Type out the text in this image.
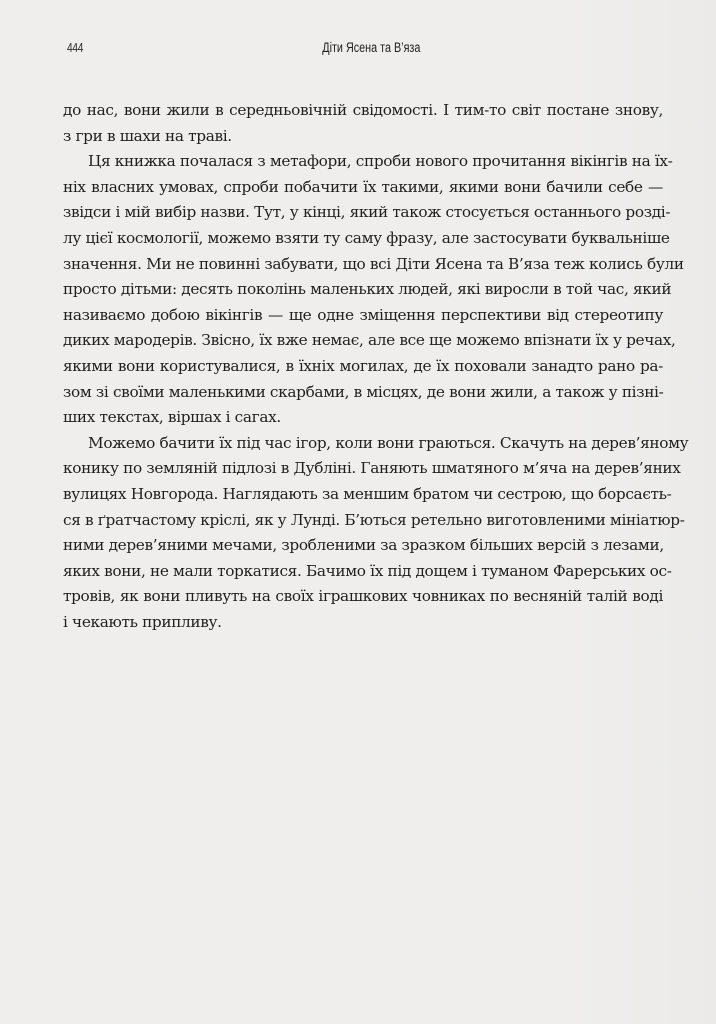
444	Діти Ясена та В’яза
до нас, вони жили в середньовічній свідомості. І тим-то світ постане знову,
з гри в шахи на траві.
Ця книжка почалася з метафори, спроби нового прочитання вікінгів на їх-
ніх власних умовах, спроби побачити їх такими, якими вони бачили себе —
звідси і мій вибір назви. Тут, у кінці, який також стосується останнього розді-
лу цієї космології, можемо взяти ту саму фразу, але застосувати буквальніше
значення. Ми не повинні забувати, що всі Діти Ясена та В’яза теж колись були
просто дітьми: десять поколінь маленьких людей, які виросли в той час, який
називаємо добою вікінгів — ще одне зміщення перспективи від стереотипу
диких мародерів. Звісно, їх вже немає, але все ще можемо впізнати їх у речах,
якими вони користувалися, в їхніх могилах, де їх поховали занадто рано ра-
зом зі своїми маленькими скарбами, в місцях, де вони жили, а також у пізні-
ших текстах, віршах і сагах.
Можемо бачити їх під час ігор, коли вони граються. Скачуть на дерев’яному
конику по земляній підлозі в Дубліні. Ганяють шматяного м’яча на дерев’яних
вулицях Новгорода. Наглядають за меншим братом чи сестрою, що борсаєть-
ся в ґратчастому кріслі, як у Лунді. Б’ються ретельно виготовленими мініатюр-
ними дерев’яними мечами, зробленими за зразком більших версій з лезами,
яких вони, не мали торкатися. Бачимо їх під дощем і туманом Фарерських ос-
тровів, як вони пливуть на своїх іграшкових човниках по весняній талій воді
і чекають припливу.
